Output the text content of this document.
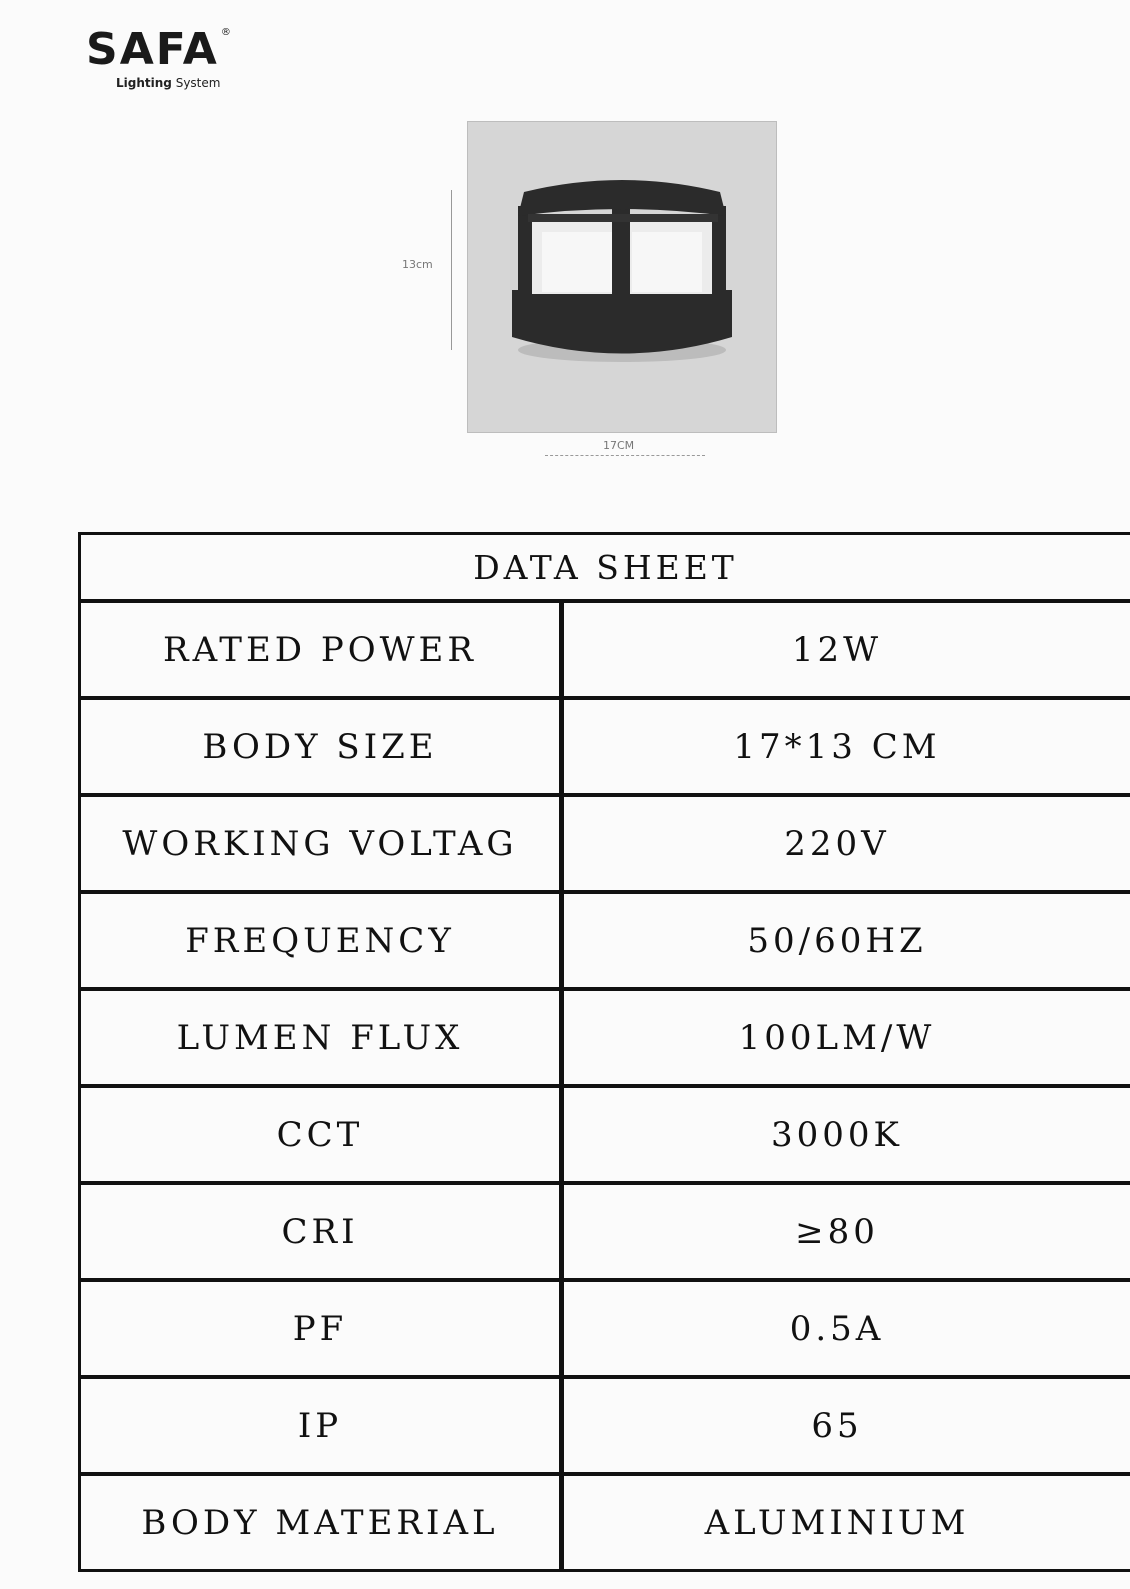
SAFA ®
Lighting System
13cm
17CM
DATA SHEET
RATED POWER	12W
BODY SIZE	17*13 CM
WORKING VOLTAG	220V
FREQUENCY	50/60HZ
LUMEN FLUX	100LM/W
CCT	3000K
CRI	≥80
PF	0.5A
IP	65
BODY MATERIAL	ALUMINIUM
